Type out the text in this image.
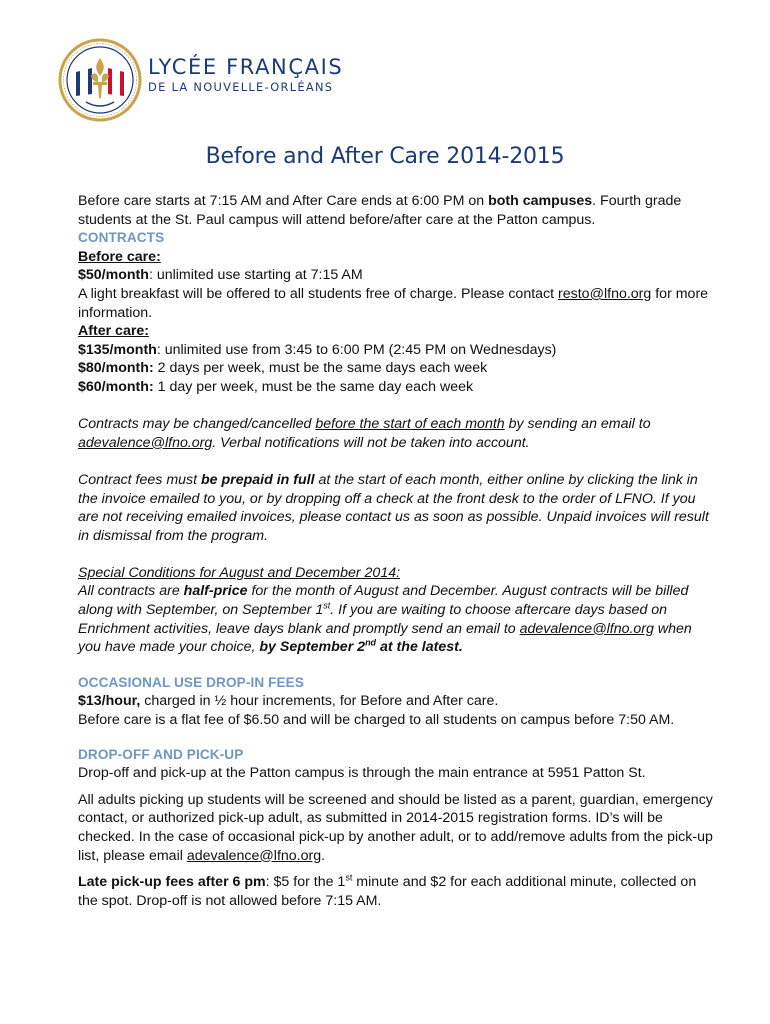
LYCÉE FRANÇAIS
DE LA NOUVELLE-ORLÉANS
Before and After Care 2014-2015

Before care starts at 7:15 AM and After Care ends at 6:00 PM on both campuses. Fourth grade students at the St. Paul campus will attend before/after care at the Patton campus.

CONTRACTS

Before care:

$50/month: unlimited use starting at 7:15 AM

A light breakfast will be offered to all students free of charge. Please contact resto@lfno.org for more information.

After care:

$135/month: unlimited use from 3:45 to 6:00 PM (2:45 PM on Wednesdays)

$80/month: 2 days per week, must be the same days each week

$60/month: 1 day per week, must be the same day each week

Contracts may be changed/cancelled before the start of each month by sending an email to adevalence@lfno.org. Verbal notifications will not be taken into account.

Contract fees must be prepaid in full at the start of each month, either online by clicking the link in the invoice emailed to you, or by dropping off a check at the front desk to the order of LFNO. If you are not receiving emailed invoices, please contact us as soon as possible. Unpaid invoices will result in dismissal from the program.

Special Conditions for August and December 2014:

All contracts are half-price for the month of August and December. August contracts will be billed along with September, on September 1st. If you are waiting to choose aftercare days based on Enrichment activities, leave days blank and promptly send an email to adevalence@lfno.org when you have made your choice, by September 2nd at the latest.

OCCASIONAL USE DROP-IN FEES

$13/hour, charged in ½ hour increments, for Before and After care.

Before care is a flat fee of $6.50 and will be charged to all students on campus before 7:50 AM.

DROP-OFF AND PICK-UP

Drop-off and pick-up at the Patton campus is through the main entrance at 5951 Patton St.

All adults picking up students will be screened and should be listed as a parent, guardian, emergency contact, or authorized pick-up adult, as submitted in 2014-2015 registration forms. ID’s will be checked. In the case of occasional pick-up by another adult, or to add/remove adults from the pick-up list, please email adevalence@lfno.org.

Late pick-up fees after 6 pm: $5 for the 1st minute and $2 for each additional minute, collected on the spot. Drop-off is not allowed before 7:15 AM.
